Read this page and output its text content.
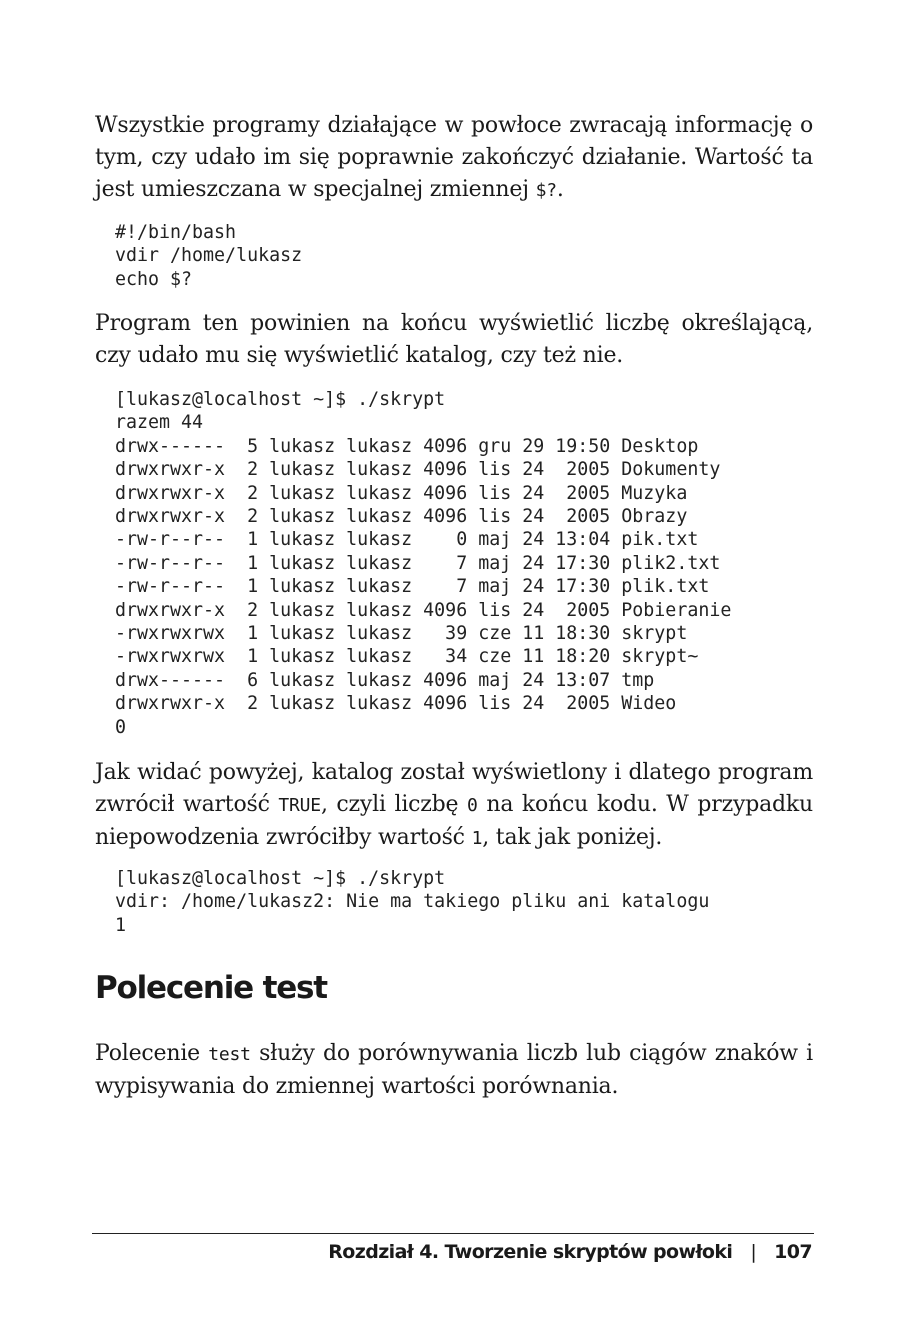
Wszystkie programy działające w powłoce zwracają informację o tym, czy udało im się poprawnie zakończyć działanie. Wartość ta jest umieszczana w specjalnej zmiennej $?.

#!/bin/bash
vdir /home/lukasz
echo $?

Program ten powinien na końcu wyświetlić liczbę określającą, czy udało mu się wyświetlić katalog, czy też nie.

[lukasz@localhost ~]$ ./skrypt
razem 44
drwx------  5 lukasz lukasz 4096 gru 29 19:50 Desktop
drwxrwxr-x  2 lukasz lukasz 4096 lis 24  2005 Dokumenty
drwxrwxr-x  2 lukasz lukasz 4096 lis 24  2005 Muzyka
drwxrwxr-x  2 lukasz lukasz 4096 lis 24  2005 Obrazy
-rw-r--r--  1 lukasz lukasz    0 maj 24 13:04 pik.txt
-rw-r--r--  1 lukasz lukasz    7 maj 24 17:30 plik2.txt
-rw-r--r--  1 lukasz lukasz    7 maj 24 17:30 plik.txt
drwxrwxr-x  2 lukasz lukasz 4096 lis 24  2005 Pobieranie
-rwxrwxrwx  1 lukasz lukasz   39 cze 11 18:30 skrypt
-rwxrwxrwx  1 lukasz lukasz   34 cze 11 18:20 skrypt~
drwx------  6 lukasz lukasz 4096 maj 24 13:07 tmp
drwxrwxr-x  2 lukasz lukasz 4096 lis 24  2005 Wideo
0

Jak widać powyżej, katalog został wyświetlony i dlatego program zwrócił wartość TRUE, czyli liczbę 0 na końcu kodu. W przypadku niepowodzenia zwróciłby wartość 1, tak jak poniżej.

[lukasz@localhost ~]$ ./skrypt
vdir: /home/lukasz2: Nie ma takiego pliku ani katalogu
1
Polecenie test

Polecenie test służy do porównywania liczb lub ciągów znaków i wypisywania do zmiennej wartości porównania.

Rozdział 4. Tworzenie skryptów powłoki | 107
